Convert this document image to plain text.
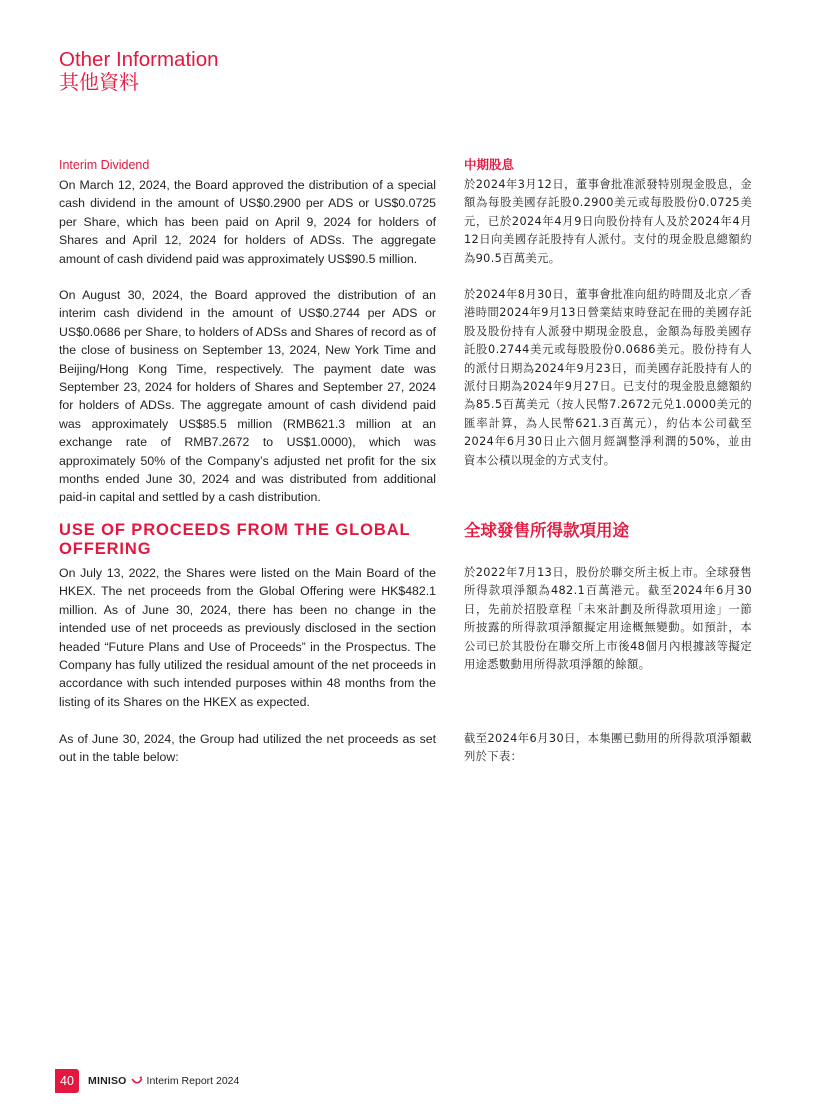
Other Information
其他資料

Interim Dividend

On March 12, 2024, the Board approved the distribution of a special cash dividend in the amount of US$0.2900 per ADS or US$0.0725 per Share, which has been paid on April 9, 2024 for holders of Shares and April 12, 2024 for holders of ADSs. The aggregate amount of cash dividend paid was approximately US$90.5 million.

中期股息

於2024年3月12日，董事會批准派發特別現金股息，金額為每股美國存託股0.2900美元或每股股份0.0725美元，已於2024年4月9日向股份持有人及於2024年4月12日向美國存託股持有人派付。支付的現金股息總額約為90.5百萬美元。

On August 30, 2024, the Board approved the distribution of an interim cash dividend in the amount of US$0.2744 per ADS or US$0.0686 per Share, to holders of ADSs and Shares of record as of the close of business on September 13, 2024, New York Time and Beijing/Hong Kong Time, respectively. The payment date was September 23, 2024 for holders of Shares and September 27, 2024 for holders of ADSs. The aggregate amount of cash dividend paid was approximately US$85.5 million (RMB621.3 million at an exchange rate of RMB7.2672 to US$1.0000), which was approximately 50% of the Company’s adjusted net profit for the six months ended June 30, 2024 and was distributed from additional paid-in capital and settled by a cash distribution.

於2024年8月30日，董事會批准向紐約時間及北京／香港時間2024年9月13日營業結束時登記在冊的美國存託股及股份持有人派發中期現金股息，金額為每股美國存託股0.2744美元或每股股份0.0686美元。股份持有人的派付日期為2024年9月23日，而美國存託股持有人的派付日期為2024年9月27日。已支付的現金股息總額約為85.5百萬美元（按人民幣7.2672元兑1.0000美元的匯率計算，為人民幣621.3百萬元），約佔本公司截至2024年6月30日止六個月經調整淨利潤的50%，並由資本公積以現金的方式支付。

USE OF PROCEEDS FROM THE GLOBAL OFFERING

On July 13, 2022, the Shares were listed on the Main Board of the HKEX. The net proceeds from the Global Offering were HK$482.1 million. As of June 30, 2024, there has been no change in the intended use of net proceeds as previously disclosed in the section headed “Future Plans and Use of Proceeds” in the Prospectus. The Company has fully utilized the residual amount of the net proceeds in accordance with such intended purposes within 48 months from the listing of its Shares on the HKEX as expected.

全球發售所得款項用途

於2022年7月13日，股份於聯交所主板上市。全球發售所得款項淨額為482.1百萬港元。截至2024年6月30日，先前於招股章程「未來計劃及所得款項用途」一節所披露的所得款項淨額擬定用途概無變動。如預計，本公司已於其股份在聯交所上市後48個月內根據該等擬定用途悉數動用所得款項淨額的餘額。

As of June 30, 2024, the Group had utilized the net proceeds as set out in the table below:

截至2024年6月30日，本集團已動用的所得款項淨額載列於下表：

40	MINISO Interim Report 2024
